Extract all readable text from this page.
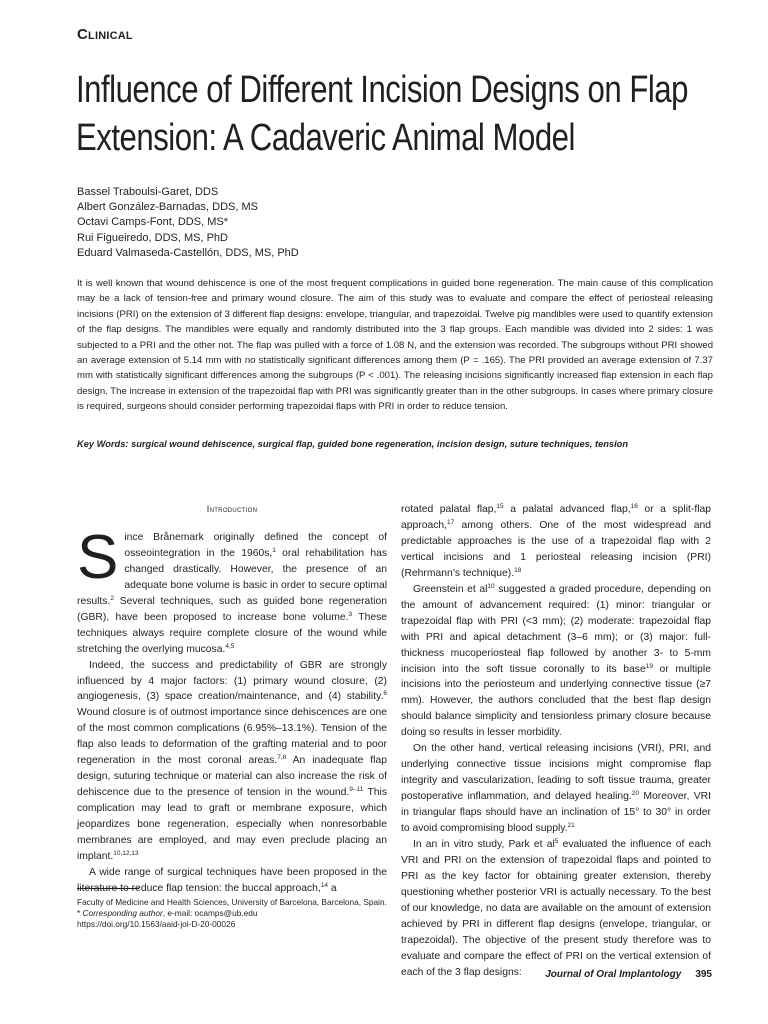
Clinical
Influence of Different Incision Designs on Flap Extension: A Cadaveric Animal Model
Bassel Traboulsi-Garet, DDS
Albert González-Barnadas, DDS, MS
Octavi Camps-Font, DDS, MS*
Rui Figueiredo, DDS, MS, PhD
Eduard Valmaseda-Castellón, DDS, MS, PhD
It is well known that wound dehiscence is one of the most frequent complications in guided bone regeneration. The main cause of this complication may be a lack of tension-free and primary wound closure. The aim of this study was to evaluate and compare the effect of periosteal releasing incisions (PRI) on the extension of 3 different flap designs: envelope, triangular, and trapezoidal. Twelve pig mandibles were used to quantify extension of the flap designs. The mandibles were equally and randomly distributed into the 3 flap groups. Each mandible was divided into 2 sides: 1 was subjected to a PRI and the other not. The flap was pulled with a force of 1.08 N, and the extension was recorded. The subgroups without PRI showed an average extension of 5.14 mm with no statistically significant differences among them (P = .165). The PRI provided an average extension of 7.37 mm with statistically significant differences among the subgroups (P < .001). The releasing incisions significantly increased flap extension in each flap design. The increase in extension of the trapezoidal flap with PRI was significantly greater than in the other subgroups. In cases where primary closure is required, surgeons should consider performing trapezoidal flaps with PRI in order to reduce tension.
Key Words: surgical wound dehiscence, surgical flap, guided bone regeneration, incision design, suture techniques, tension
Introduction

Since Brånemark originally defined the concept of osseointegration in the 1960s,$^1$ oral rehabilitation has changed drastically. However, the presence of an adequate bone volume is basic in order to secure optimal results.$^2$ Several techniques, such as guided bone regeneration (GBR), have been proposed to increase bone volume.$^3$ These techniques always require complete closure of the wound while stretching the overlying mucosa.$^{4,5}$

Indeed, the success and predictability of GBR are strongly influenced by 4 major factors: (1) primary wound closure, (2) angiogenesis, (3) space creation/maintenance, and (4) stability.$^6$ Wound closure is of outmost importance since dehiscences are one of the most common complications (6.95%–13.1%). Tension of the flap also leads to deformation of the grafting material and to poor regeneration in the most coronal areas.$^{7,8}$ An inadequate flap design, suturing technique or material can also increase the risk of dehiscence due to the presence of tension in the wound.$^{9-11}$ This complication may lead to graft or membrane exposure, which jeopardizes bone regeneration, especially when nonresorbable membranes are employed, and may even preclude placing an implant.$^{10,12,13}$

A wide range of surgical techniques have been proposed in the literature to reduce flap tension: the buccal approach,$^{14}$ a

rotated palatal flap,$^{15}$ a palatal advanced flap,$^{16}$ or a split-flap approach,$^{17}$ among others. One of the most widespread and predictable approaches is the use of a trapezoidal flap with 2 vertical incisions and 1 periosteal releasing incision (PRI) (Rehrmann’s technique).$^{18}$

Greenstein et $al^{10}$ suggested a graded procedure, depending on the amount of advancement required: (1) minor: triangular or trapezoidal flap with PRI (<3 mm); (2) moderate: trapezoidal flap with PRI and apical detachment (3–6 mm); or (3) major: full-thickness mucoperiosteal flap followed by another 3- to 5-mm incision into the soft tissue coronally to its base$^{19}$ or multiple incisions into the periosteum and underlying connective tissue (≥7 mm). However, the authors concluded that the best flap design should balance simplicity and tensionless primary closure because doing so results in lesser morbidity.

On the other hand, vertical releasing incisions (VRI), PRI, and underlying connective tissue incisions might compromise flap integrity and vascularization, leading to soft tissue trauma, greater postoperative inflammation, and delayed healing.$^{20}$ Moreover, VRI in triangular flaps should have an inclination of 15° to 30° in order to avoid compromising blood supply.$^{21}$

In an in vitro study, Park et $al^5$ evaluated the influence of each VRI and PRI on the extension of trapezoidal flaps and pointed to PRI as the key factor for obtaining greater extension, thereby questioning whether posterior VRI is actually necessary. To the best of our knowledge, no data are available on the amount of extension achieved by PRI in different flap designs (envelope, triangular, or trapezoidal). The objective of the present study therefore was to evaluate and compare the effect of PRI on the vertical extension of each of the 3 flap designs:

Faculty of Medicine and Health Sciences, University of Barcelona, Barcelona, Spain.
* Corresponding author, e-mail: ocamps@ub.edu
https://doi.org/10.1563/aaid-joi-D-20-00026
Journal of Oral Implantology 395
